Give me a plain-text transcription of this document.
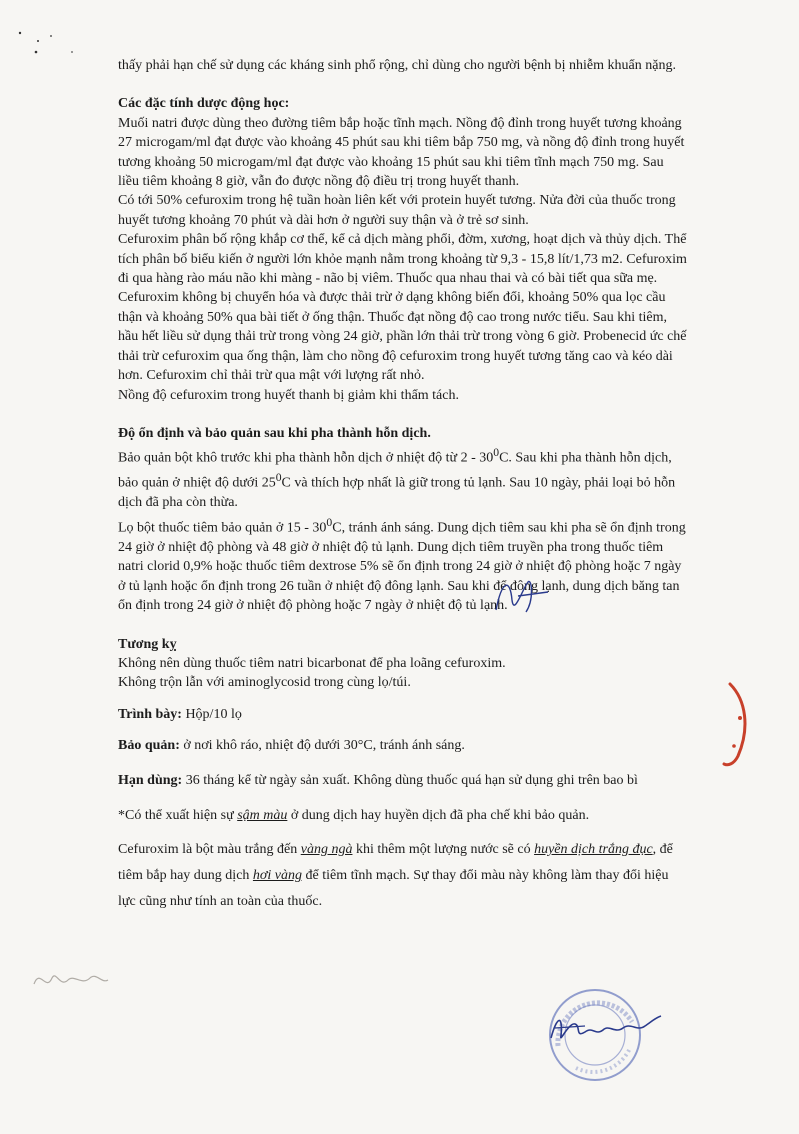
thấy phải hạn chế sử dụng các kháng sinh phổ rộng, chỉ dùng cho người bệnh bị nhiễm khuẩn nặng.

Các đặc tính dược động học:

Muối natri được dùng theo đường tiêm bắp hoặc tĩnh mạch. Nồng độ đỉnh trong huyết tương khoảng 27 microgam/ml đạt được vào khoảng 45 phút sau khi tiêm bắp 750 mg, và nồng độ đỉnh trong huyết tương khoảng 50 microgam/ml đạt được vào khoảng 15 phút sau khi tiêm tĩnh mạch 750 mg. Sau liều tiêm khoảng 8 giờ, vẫn đo được nồng độ điều trị trong huyết thanh.

Có tới 50% cefuroxim trong hệ tuần hoàn liên kết với protein huyết tương. Nửa đời của thuốc trong huyết tương khoảng 70 phút và dài hơn ở người suy thận và ở trẻ sơ sinh.

Cefuroxim phân bố rộng khắp cơ thể, kể cả dịch màng phổi, đờm, xương, hoạt dịch và thủy dịch. Thể tích phân bố biểu kiến ở người lớn khỏe mạnh nằm trong khoảng từ 9,3 - 15,8 lít/1,73 m2. Cefuroxim đi qua hàng rào máu não khi màng - não bị viêm. Thuốc qua nhau thai và có bài tiết qua sữa mẹ.

Cefuroxim không bị chuyển hóa và được thải trừ ở dạng không biến đổi, khoảng 50% qua lọc cầu thận và khoảng 50% qua bài tiết ở ống thận. Thuốc đạt nồng độ cao trong nước tiểu. Sau khi tiêm, hầu hết liều sử dụng thải trừ trong vòng 24 giờ, phần lớn thải trừ trong vòng 6 giờ. Probenecid ức chế thải trừ cefuroxim qua ống thận, làm cho nồng độ cefuroxim trong huyết tương tăng cao và kéo dài hơn. Cefuroxim chỉ thải trừ qua mật với lượng rất nhỏ.

Nồng độ cefuroxim trong huyết thanh bị giảm khi thẩm tách.

Độ ổn định và bảo quản sau khi pha thành hỗn dịch.

Bảo quản bột khô trước khi pha thành hỗn dịch ở nhiệt độ từ $2 - 30^0C$. Sau khi pha thành hỗn dịch, bảo quản ở nhiệt độ dưới $25^0C$ và thích hợp nhất là giữ trong tủ lạnh. Sau 10 ngày, phải loại bỏ hỗn dịch đã pha còn thừa.

Lọ bột thuốc tiêm bảo quản ở $15 - 30^0C$, tránh ánh sáng. Dung dịch tiêm sau khi pha sẽ ổn định trong 24 giờ ở nhiệt độ phòng và 48 giờ ở nhiệt độ tủ lạnh. Dung dịch tiêm truyền pha trong thuốc tiêm natri clorid 0,9% hoặc thuốc tiêm dextrose 5% sẽ ổn định trong 24 giờ ở nhiệt độ phòng hoặc 7 ngày ở tủ lạnh hoặc ổn định trong 26 tuần ở nhiệt độ đông lạnh. Sau khi để đông lạnh, dung dịch băng tan ổn định trong 24 giờ ở nhiệt độ phòng hoặc 7 ngày ở nhiệt độ tủ lạnh.

Tương kỵ

Không nên dùng thuốc tiêm natri bicarbonat để pha loãng cefuroxim.

Không trộn lẫn với aminoglycosid trong cùng lọ/túi.

Trình bày: Hộp/10 lọ

Bảo quản: ở nơi khô ráo, nhiệt độ dưới 30°C, tránh ánh sáng.

Hạn dùng: 36 tháng kể từ ngày sản xuất. Không dùng thuốc quá hạn sử dụng ghi trên bao bì

*Có thể xuất hiện sự sậm màu ở dung dịch hay huyền dịch đã pha chế khi bảo quản.

Cefuroxim là bột màu trắng đến vàng ngà khi thêm một lượng nước sẽ có huyền dịch trắng đục, để tiêm bắp hay dung dịch hơi vàng để tiêm tĩnh mạch. Sự thay đổi màu này không làm thay đổi hiệu lực cũng như tính an toàn của thuốc.
